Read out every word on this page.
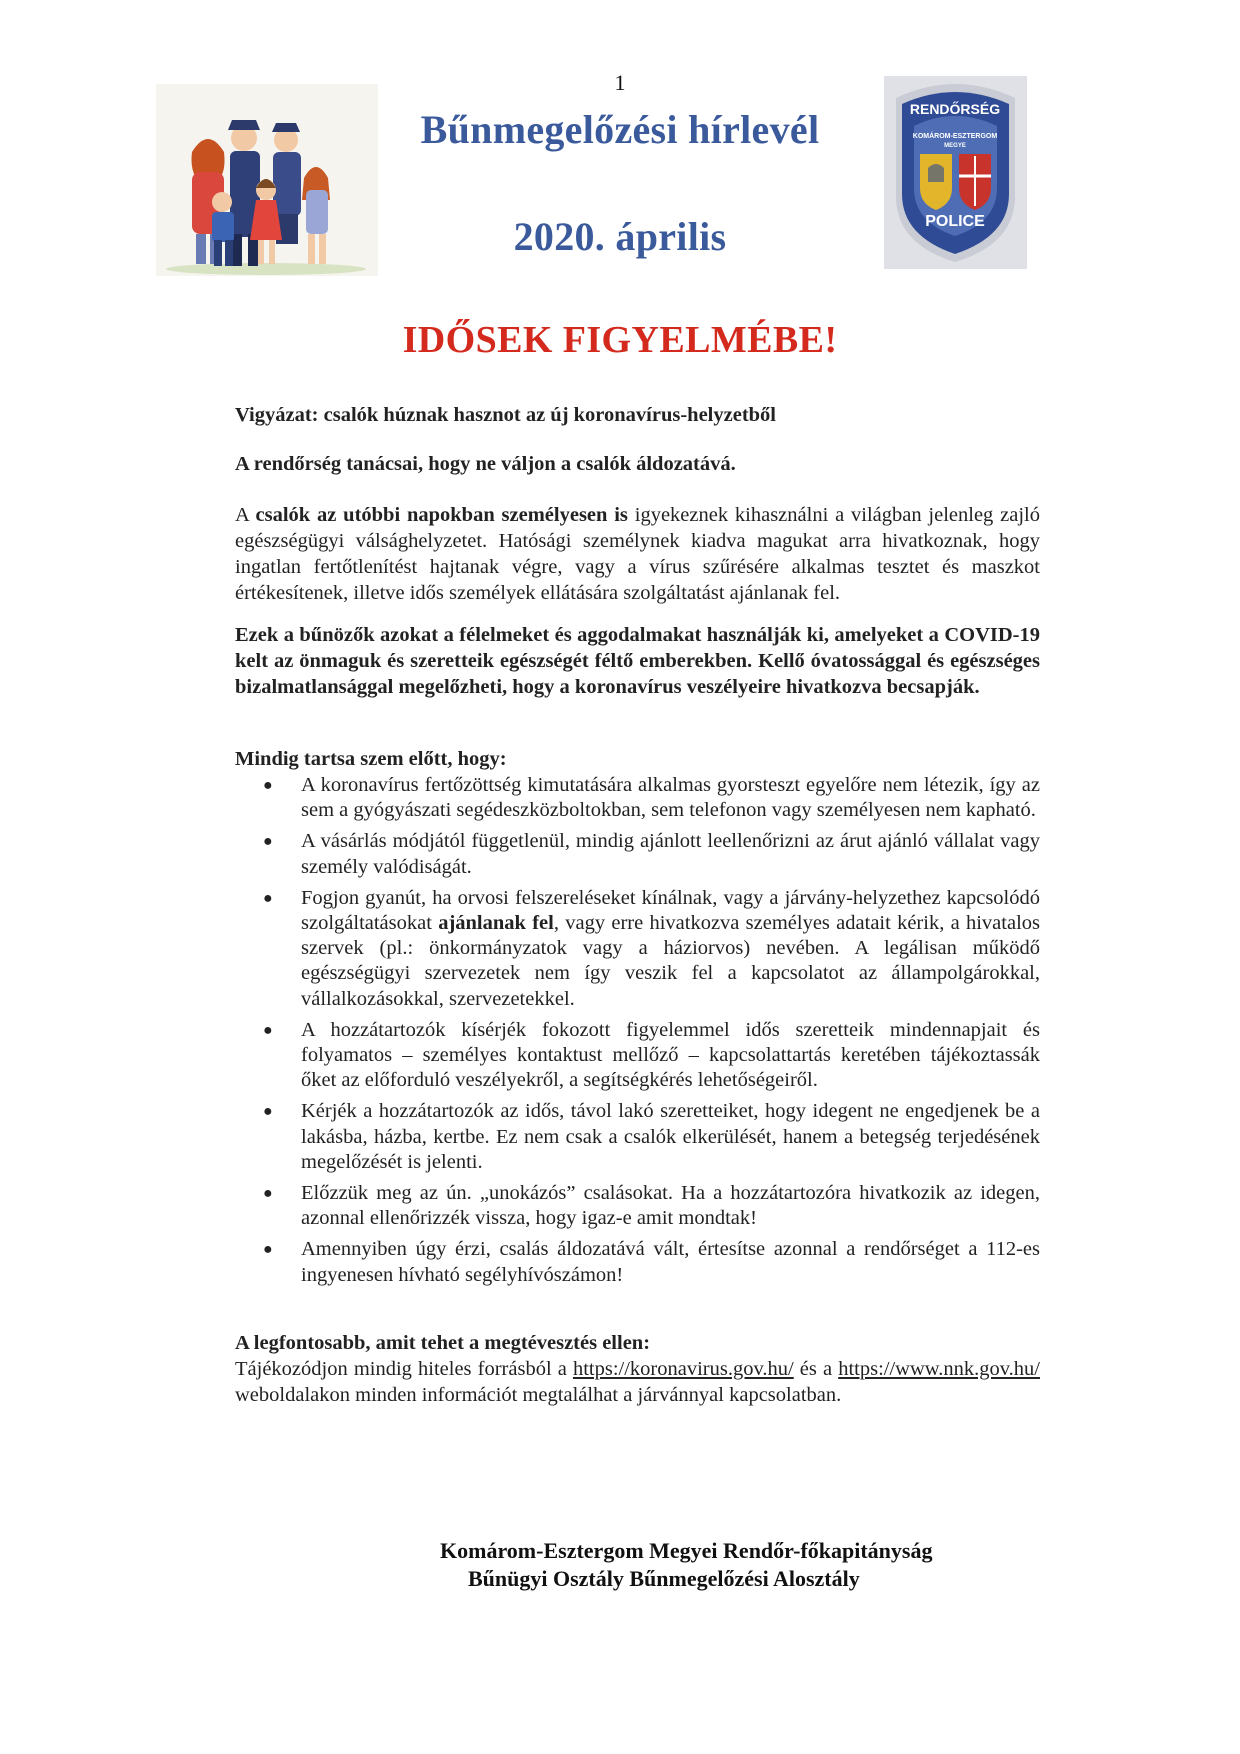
1
RENDŐRSÉG
KOMÁROM-ESZTERGOM
MEGYE
POLICE
Bűnmegelőzési hírlevél
2020. április
IDŐSEK FIGYELMÉBE!
Vigyázat: csalók húznak hasznot az új koronavírus-helyzetből
A rendőrség tanácsai, hogy ne váljon a csalók áldozatává.
A csalók az utóbbi napokban személyesen is igyekeznek kihasználni a világban jelenleg zajló egészségügyi válsághelyzetet. Hatósági személynek kiadva magukat arra hivatkoznak, hogy ingatlan fertőtlenítést hajtanak végre, vagy a vírus szűrésére alkalmas tesztet és maszkot értékesítenek, illetve idős személyek ellátására szolgáltatást ajánlanak fel.
Ezek a bűnözők azokat a félelmeket és aggodalmakat használják ki, amelyeket a COVID-19 kelt az önmaguk és szeretteik egészségét féltő emberekben. Kellő óvatossággal és egészséges bizalmatlansággal megelőzheti, hogy a koronavírus veszélyeire hivatkozva becsapják.
Mindig tartsa szem előtt, hogy:
● A koronavírus fertőzöttség kimutatására alkalmas gyorsteszt egyelőre nem létezik, így az sem a gyógyászati segédeszközboltokban, sem telefonon vagy személyesen nem kapható.
● A vásárlás módjától függetlenül, mindig ajánlott leellenőrizni az árut ajánló vállalat vagy személy valódiságát.
● Fogjon gyanút, ha orvosi felszereléseket kínálnak, vagy a járvány-helyzethez kapcsolódó szolgáltatásokat ajánlanak fel, vagy erre hivatkozva személyes adatait kérik, a hivatalos szervek (pl.: önkormányzatok vagy a háziorvos) nevében. A legálisan működő egészségügyi szervezetek nem így veszik fel a kapcsolatot az állampolgárokkal, vállalkozásokkal, szervezetekkel.
● A hozzátartozók kísérjék fokozott figyelemmel idős szeretteik mindennapjait és folyamatos – személyes kontaktust mellőző – kapcsolattartás keretében tájékoztassák őket az előforduló veszélyekről, a segítségkérés lehetőségeiről.
● Kérjék a hozzátartozók az idős, távol lakó szeretteiket, hogy idegent ne engedjenek be a lakásba, házba, kertbe. Ez nem csak a csalók elkerülését, hanem a betegség terjedésének megelőzését is jelenti.
● Előzzük meg az ún. „unokázós” csalásokat. Ha a hozzátartozóra hivatkozik az idegen, azonnal ellenőrizzék vissza, hogy igaz-e amit mondtak!
● Amennyiben úgy érzi, csalás áldozatává vált, értesítse azonnal a rendőrséget a 112-es ingyenesen hívható segélyhívószámon!
A legfontosabb, amit tehet a megtévesztés ellen:
Tájékozódjon mindig hiteles forrásból a https://koronavirus.gov.hu/ és a https://www.nnk.gov.hu/ weboldalakon minden információt megtalálhat a járvánnyal kapcsolatban.
Komárom-Esztergom Megyei Rendőr-főkapitányság
Bűnügyi Osztály Bűnmegelőzési Alosztály
